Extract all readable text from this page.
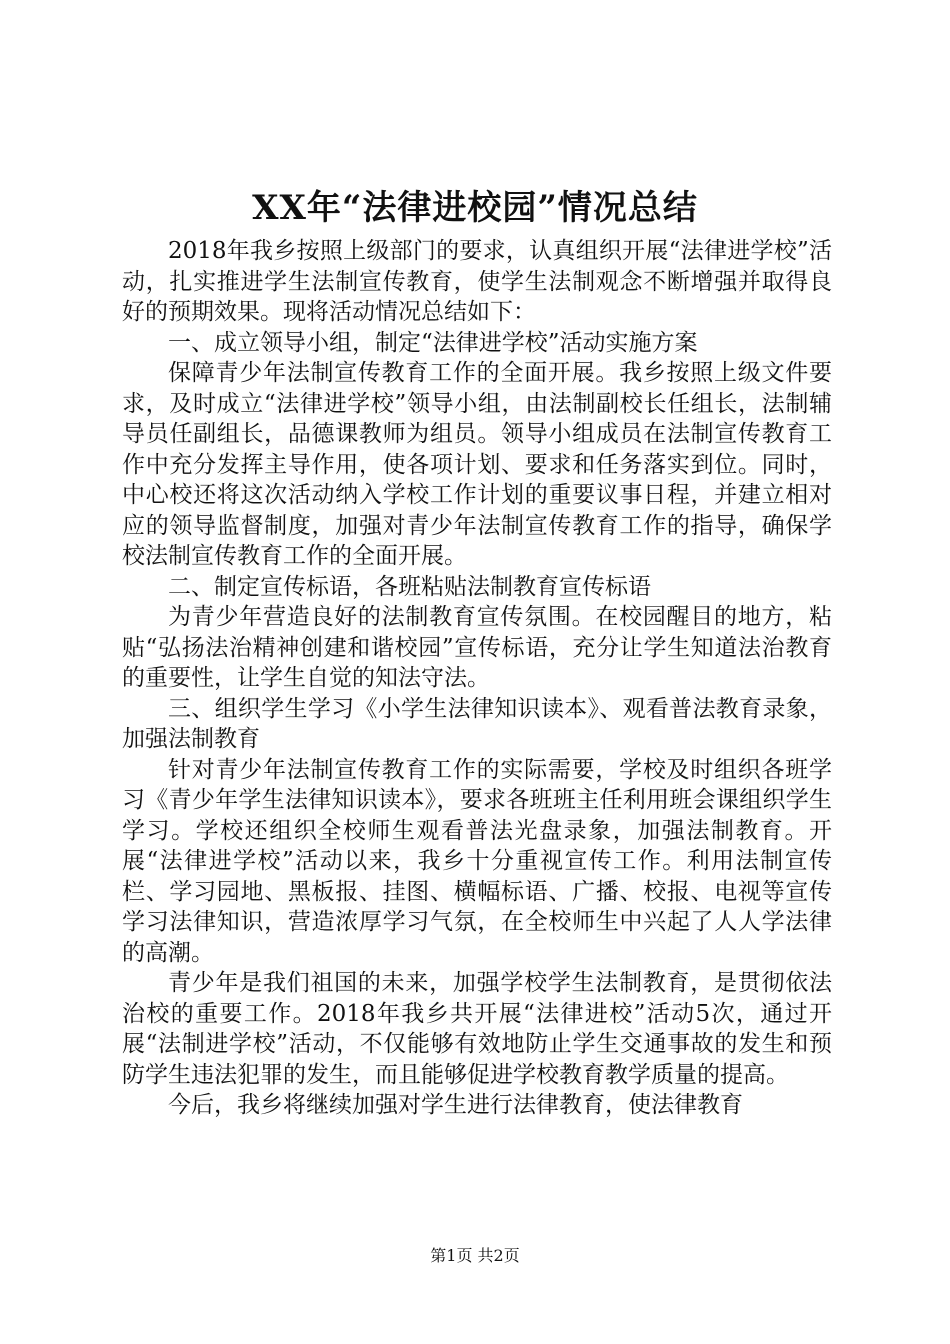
XX年“法律进校园”情况总结

2018年我乡按照上级部门的要求，认真组织开展“法律进学校”活动，扎实推进学生法制宣传教育，使学生法制观念不断增强并取得良好的预期效果。现将活动情况总结如下：

一、成立领导小组，制定“法律进学校”活动实施方案

保障青少年法制宣传教育工作的全面开展。我乡按照上级文件要求，及时成立“法律进学校”领导小组，由法制副校长任组长，法制辅导员任副组长，品德课教师为组员。领导小组成员在法制宣传教育工作中充分发挥主导作用，使各项计划、要求和任务落实到位。同时，中心校还将这次活动纳入学校工作计划的重要议事日程，并建立相对应的领导监督制度，加强对青少年法制宣传教育工作的指导，确保学校法制宣传教育工作的全面开展。

二、制定宣传标语，各班粘贴法制教育宣传标语

为青少年营造良好的法制教育宣传氛围。在校园醒目的地方，粘贴“弘扬法治精神创建和谐校园”宣传标语，充分让学生知道法治教育的重要性，让学生自觉的知法守法。

三、组织学生学习《小学生法律知识读本》、观看普法教育录象，加强法制教育

针对青少年法制宣传教育工作的实际需要，学校及时组织各班学习《青少年学生法律知识读本》，要求各班班主任利用班会课组织学生学习。学校还组织全校师生观看普法光盘录象，加强法制教育。开展“法律进学校”活动以来，我乡十分重视宣传工作。利用法制宣传栏、学习园地、黑板报、挂图、横幅标语、广播、校报、电视等宣传学习法律知识，营造浓厚学习气氛，在全校师生中兴起了人人学法律的高潮。

青少年是我们祖国的未来，加强学校学生法制教育，是贯彻依法治校的重要工作。2018年我乡共开展“法律进校”活动5次，通过开展“法制进学校”活动，不仅能够有效地防止学生交通事故的发生和预防学生违法犯罪的发生，而且能够促进学校教育教学质量的提高。

今后，我乡将继续加强对学生进行法律教育，使法律教育

第1页 共2页
